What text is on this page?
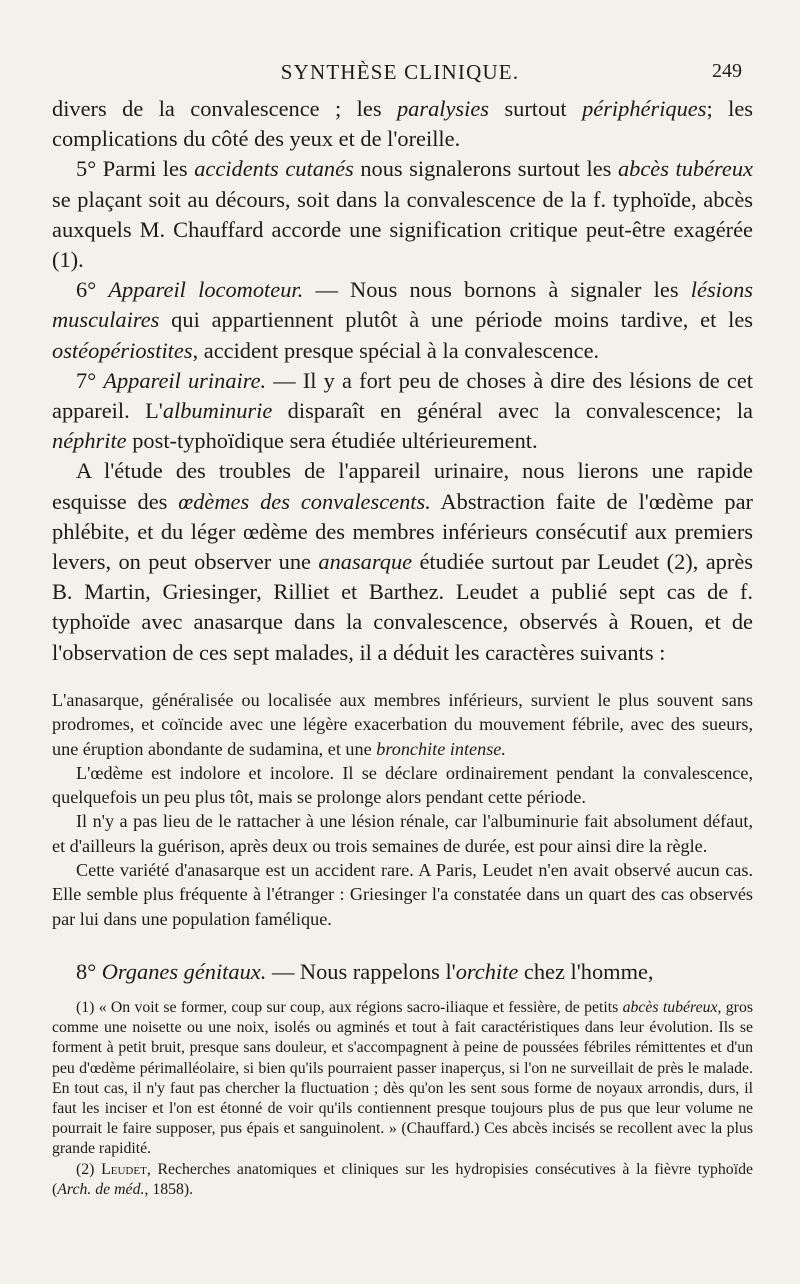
SYNTHÈSE CLINIQUE.	249

divers de la convalescence ; les paralysies surtout périphériques; les complications du côté des yeux et de l'oreille.

5° Parmi les accidents cutanés nous signalerons surtout les abcès tubéreux se plaçant soit au décours, soit dans la convalescence de la f. typhoïde, abcès auxquels M. Chauffard accorde une signification critique peut-être exagérée (1).

6° Appareil locomoteur. — Nous nous bornons à signaler les lésions musculaires qui appartiennent plutôt à une période moins tardive, et les ostéopériostites, accident presque spécial à la convalescence.

7° Appareil urinaire. — Il y a fort peu de choses à dire des lésions de cet appareil. L'albuminurie disparaît en général avec la convalescence; la néphrite post-typhoïdique sera étudiée ultérieurement.

A l'étude des troubles de l'appareil urinaire, nous lierons une rapide esquisse des œdèmes des convalescents. Abstraction faite de l'œdème par phlébite, et du léger œdème des membres inférieurs consécutif aux premiers levers, on peut observer une anasarque étudiée surtout par Leudet (2), après B. Martin, Griesinger, Rilliet et Barthez. Leudet a publié sept cas de f. typhoïde avec anasarque dans la convalescence, observés à Rouen, et de l'observation de ces sept malades, il a déduit les caractères suivants :

L'anasarque, généralisée ou localisée aux membres inférieurs, survient le plus souvent sans prodromes, et coïncide avec une légère exacerbation du mouvement fébrile, avec des sueurs, une éruption abondante de sudamina, et une bronchite intense.

L'œdème est indolore et incolore. Il se déclare ordinairement pendant la convalescence, quelquefois un peu plus tôt, mais se prolonge alors pendant cette période.

Il n'y a pas lieu de le rattacher à une lésion rénale, car l'albuminurie fait absolument défaut, et d'ailleurs la guérison, après deux ou trois semaines de durée, est pour ainsi dire la règle.

Cette variété d'anasarque est un accident rare. A Paris, Leudet n'en avait observé aucun cas. Elle semble plus fréquente à l'étranger : Griesinger l'a constatée dans un quart des cas observés par lui dans une population famélique.

8° Organes génitaux. — Nous rappelons l'orchite chez l'homme,

(1) « On voit se former, coup sur coup, aux régions sacro-iliaque et fessière, de petits abcès tubéreux, gros comme une noisette ou une noix, isolés ou agminés et tout à fait caractéristiques dans leur évolution. Ils se forment à petit bruit, presque sans douleur, et s'accompagnent à peine de poussées fébriles rémittentes et d'un peu d'œdème périmalléolaire, si bien qu'ils pourraient passer inaperçus, si l'on ne surveillait de près le malade. En tout cas, il n'y faut pas chercher la fluctuation ; dès qu'on les sent sous forme de noyaux arrondis, durs, il faut les inciser et l'on est étonné de voir qu'ils contiennent presque toujours plus de pus que leur volume ne pourrait le faire supposer, pus épais et sanguinolent. » (Chauffard.) Ces abcès incisés se recollent avec la plus grande rapidité.

(2) Leudet, Recherches anatomiques et cliniques sur les hydropisies consécutives à la fièvre typhoïde (Arch. de méd., 1858).
